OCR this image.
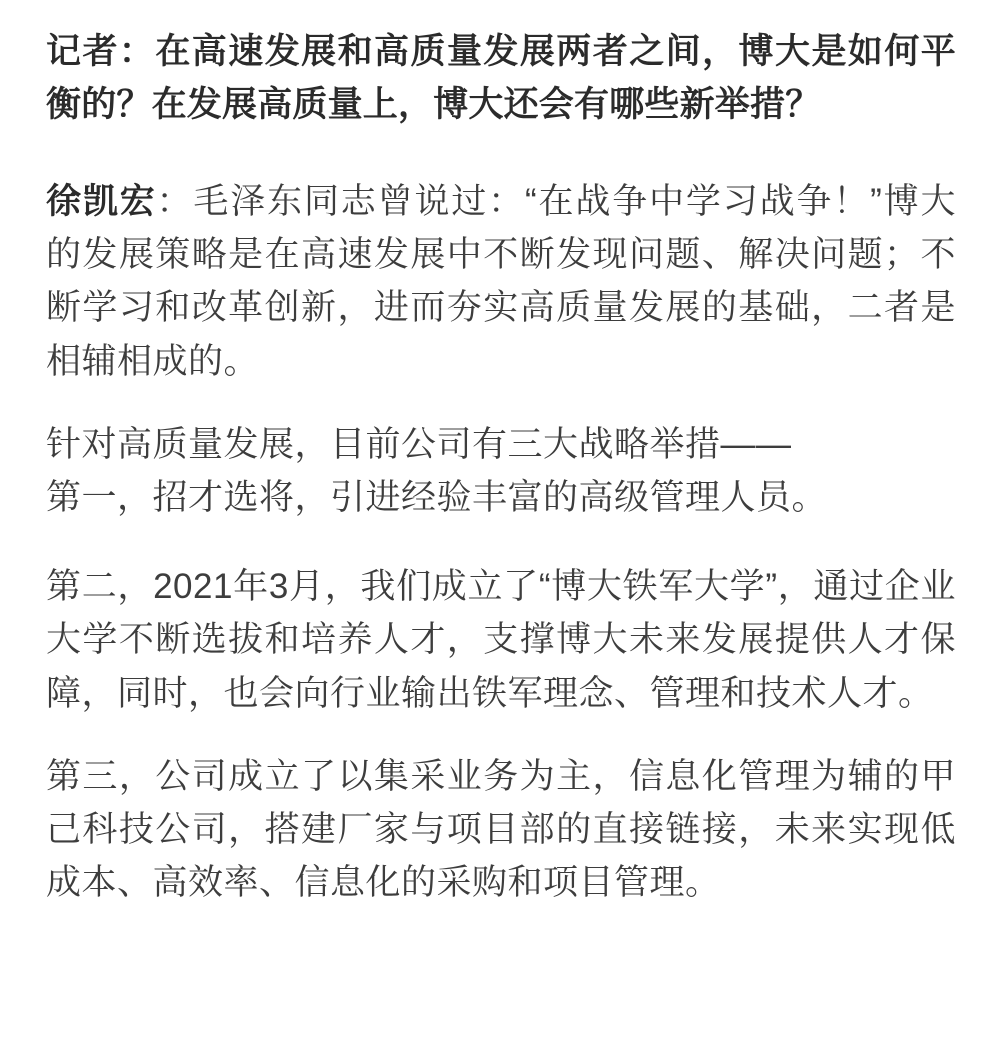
记者：在高速发展和高质量发展两者之间，博大是如何平衡的？在发展高质量上，博大还会有哪些新举措？

徐凯宏：毛泽东同志曾说过：“在战争中学习战争！”博大的发展策略是在高速发展中不断发现问题、解决问题；不断学习和改革创新，进而夯实高质量发展的基础，二者是相辅相成的。

针对高质量发展，目前公司有三大战略举措——
第一，招才选将，引进经验丰富的高级管理人员。

第二，2021年3月，我们成立了“博大铁军大学”，通过企业大学不断选拔和培养人才，支撑博大未来发展提供人才保障，同时，也会向行业输出铁军理念、管理和技术人才。

第三，公司成立了以集采业务为主，信息化管理为辅的甲己科技公司，搭建厂家与项目部的直接链接，未来实现低成本、高效率、信息化的采购和项目管理。
